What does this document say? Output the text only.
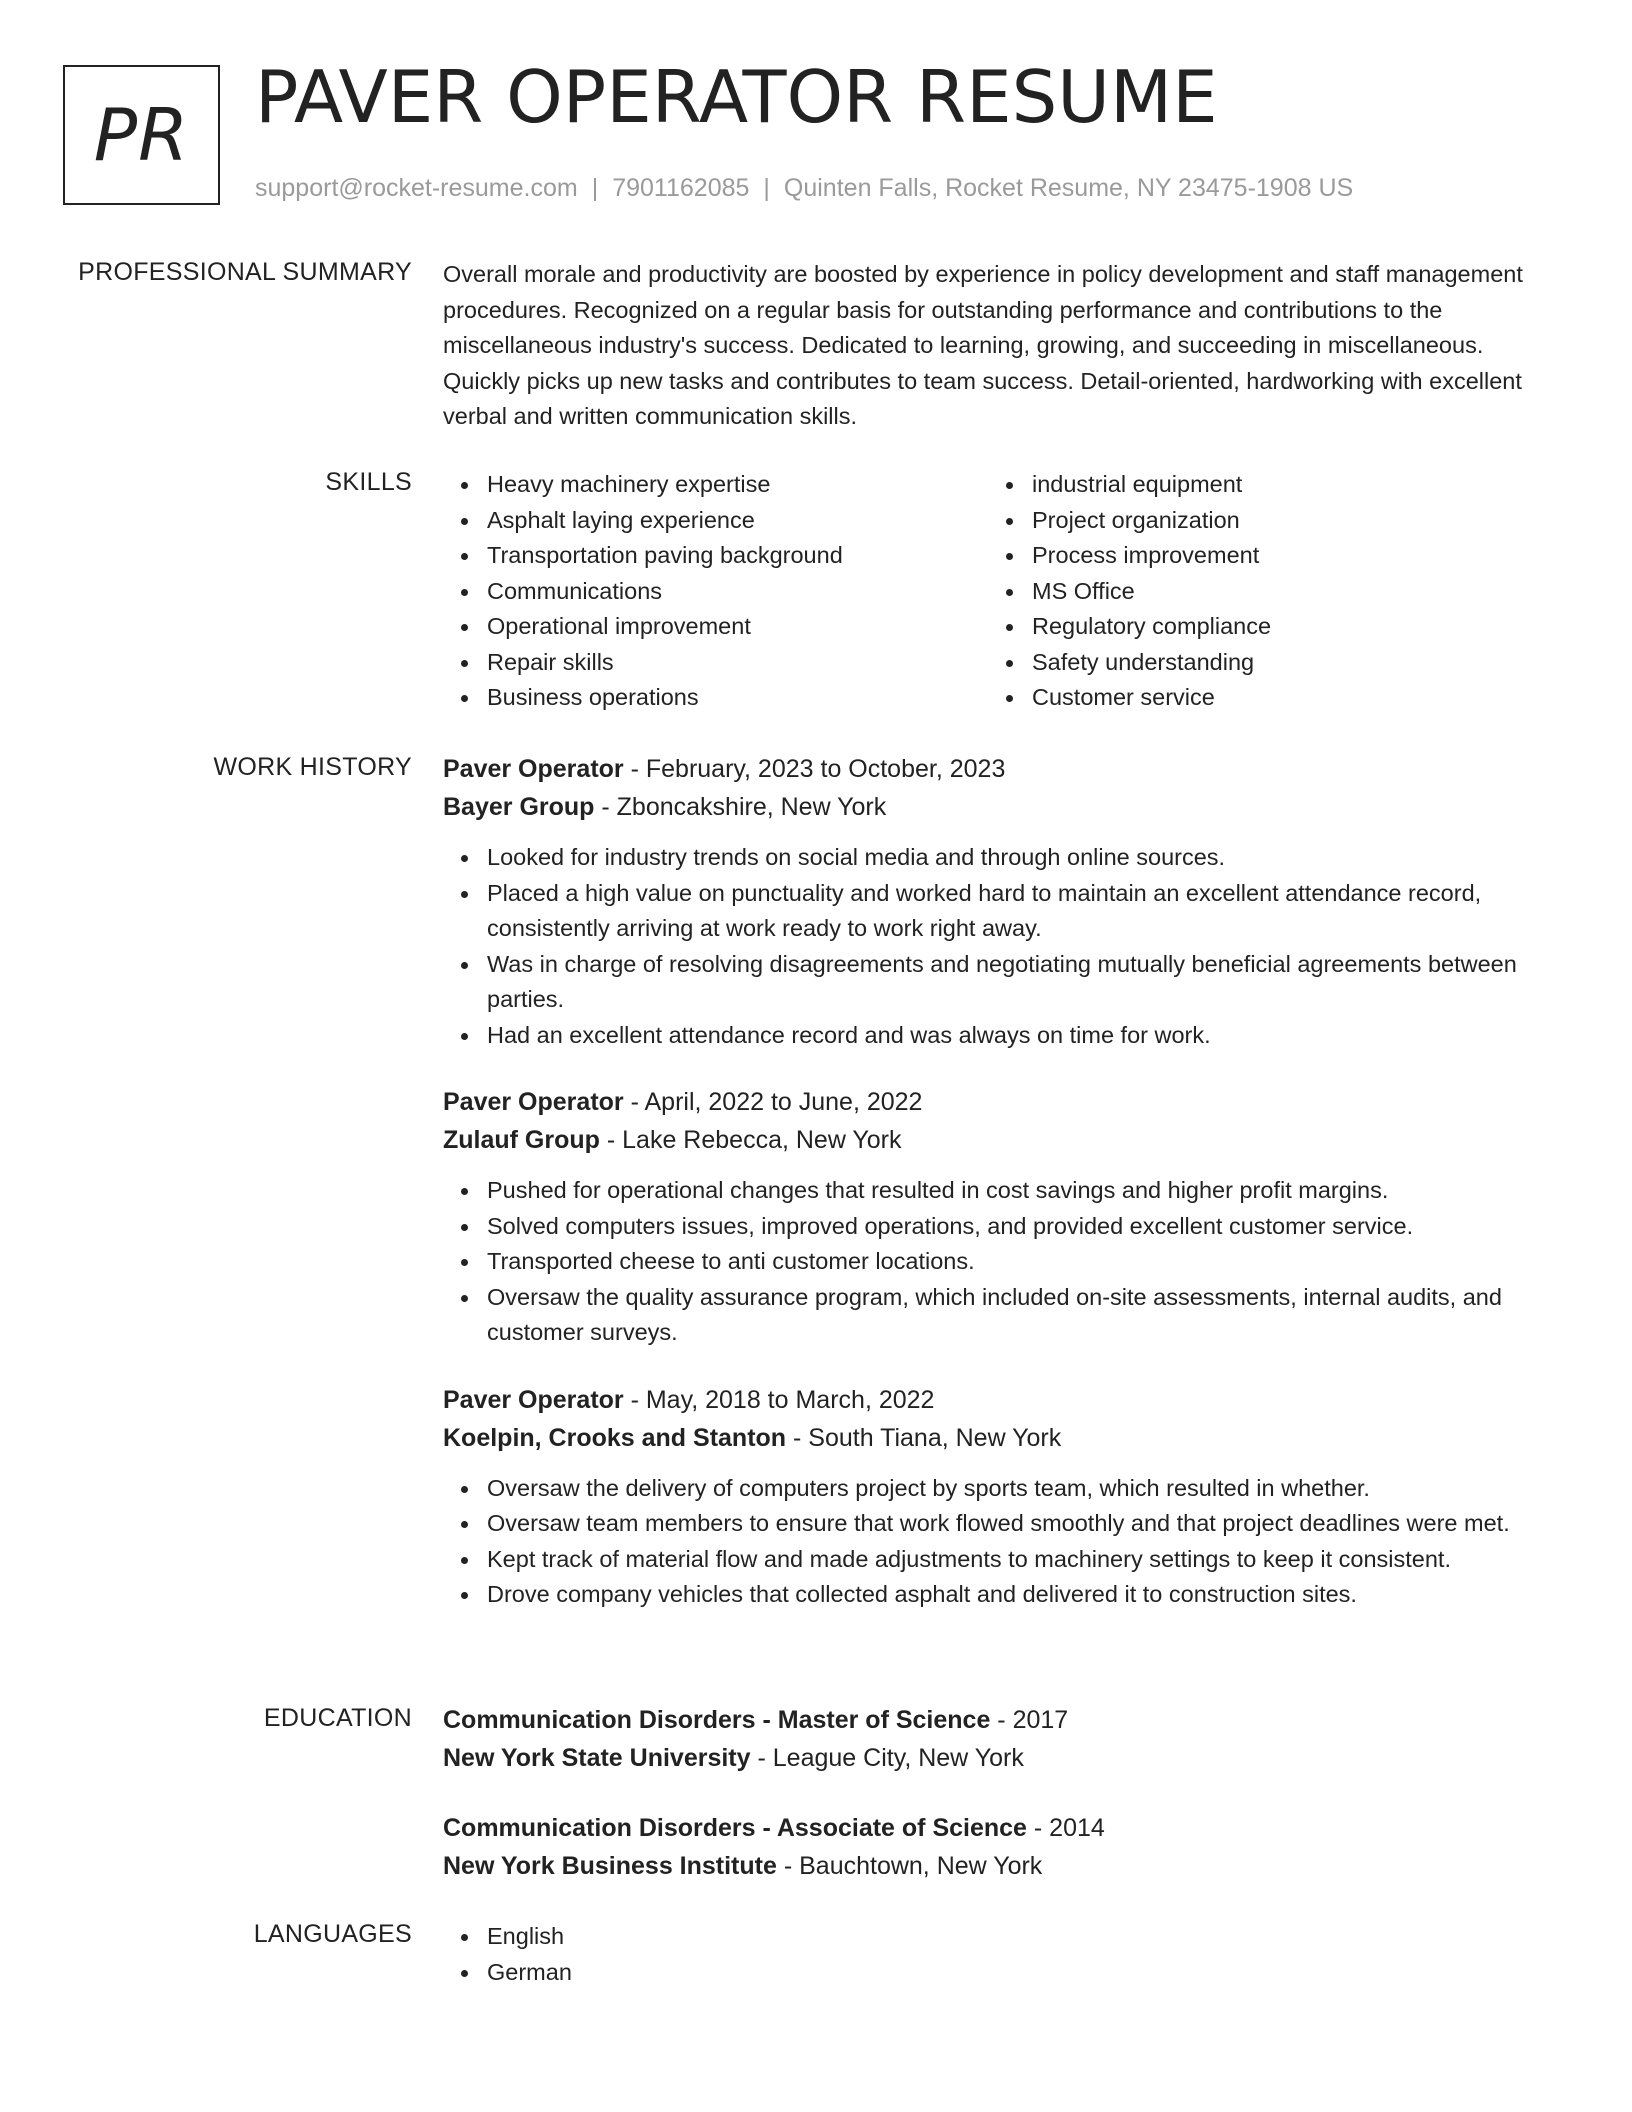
PR PAVER OPERATOR RESUME
support@rocket-resume.com | 7901162085 | Quinten Falls, Rocket Resume, NY 23475-1908 US
PROFESSIONAL SUMMARY Overall morale and productivity are boosted by experience in policy development and staff management procedures. Recognized on a regular basis for outstanding performance and contributions to the miscellaneous industry's success. Dedicated to learning, growing, and succeeding in miscellaneous. Quickly picks up new tasks and contributes to team success. Detail-oriented, hardworking with excellent verbal and written communication skills.

SKILLS	Heavy machinery expertise
Asphalt laying experience
Transportation paving background
Communications
Operational improvement
Repair skills
Business operations
industrial equipment
Project organization
Process improvement
MS Office
Regulatory compliance
Safety understanding
Customer service
WORK HISTORY Paver Operator - February, 2023 to October, 2023
Bayer Group - Zboncakshire, New York
Looked for industry trends on social media and through online sources.
Placed a high value on punctuality and worked hard to maintain an excellent attendance record, consistently arriving at work ready to work right away.
Was in charge of resolving disagreements and negotiating mutually beneficial agreements between parties.
Had an excellent attendance record and was always on time for work.
Paver Operator - April, 2022 to June, 2022
Zulauf Group - Lake Rebecca, New York
Pushed for operational changes that resulted in cost savings and higher profit margins.
Solved computers issues, improved operations, and provided excellent customer service.
Transported cheese to anti customer locations.
Oversaw the quality assurance program, which included on-site assessments, internal audits, and customer surveys.
Paver Operator - May, 2018 to March, 2022
Koelpin, Crooks and Stanton - South Tiana, New York
Oversaw the delivery of computers project by sports team, which resulted in whether.
Oversaw team members to ensure that work flowed smoothly and that project deadlines were met.
Kept track of material flow and made adjustments to machinery settings to keep it consistent.
Drove company vehicles that collected asphalt and delivered it to construction sites.
EDUCATION Communication Disorders - Master of Science - 2017
New York State University - League City, New York
Communication Disorders - Associate of Science - 2014
New York Business Institute - Bauchtown, New York
LANGUAGES	English
German
